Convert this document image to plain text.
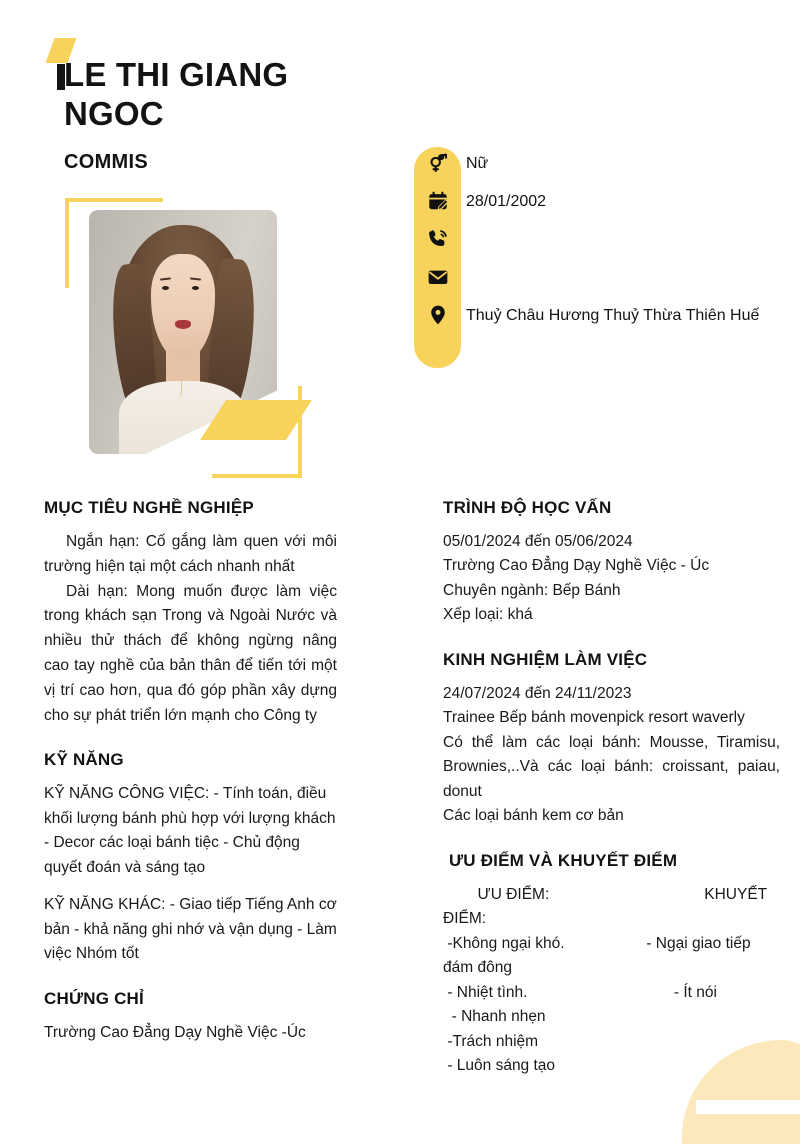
LE THI GIANG NGOC
COMMIS	Nữ
28/01/2002
Thuỷ Châu Hương Thuỷ Thừa Thiên Huế
MỤC TIÊU NGHỀ NGHIỆP

Ngắn hạn: Cố gắng làm quen với môi trường hiện tại một cách nhanh nhất

Dài hạn: Mong muốn được làm việc trong khách sạn Trong và Ngoài Nước và nhiều thử thách để không ngừng nâng cao tay nghề của bản thân để tiến tới một vị trí cao hơn, qua đó góp phần xây dựng cho sự phát triển lớn mạnh cho Công ty

KỸ NĂNG
KỸ NĂNG CÔNG VIỆC: - Tính toán, điều khối lượng bánh phù hợp với lượng khách - Decor các loại bánh tiệc - Chủ động quyết đoán và sáng tạo
KỸ NĂNG KHÁC: - Giao tiếp Tiếng Anh cơ bản - khả năng ghi nhớ và vận dụng - Làm việc Nhóm tốt
CHỨNG CHỈ
Trường Cao Đẳng Dạy Nghề Việc -Úc
TRÌNH ĐỘ HỌC VẤN
05/01/2024 đến 05/06/2024
Trường Cao Đẳng Dạy Nghề Việc - Úc
Chuyên ngành: Bếp Bánh
Xếp loại: khá
KINH NGHIỆM LÀM VIỆC
24/07/2024 đến 24/11/2023
Trainee Bếp bánh movenpick resort waverly
Có thể làm các loại bánh: Mousse, Tiramisu, Brownies,..Và các loại bánh: croissant, paiau, donut
Các loại bánh kem cơ bản
ƯU ĐIỂM VÀ KHUYẾT ĐIỂM
ƯU ĐIỂM:                                    KHUYẾT ĐIỂM:
-Không ngại khó.                   - Ngại giao tiếp đám đông
- Nhiệt tình.                                  - Ít nói
- Nhanh nhẹn
-Trách nhiệm
- Luôn sáng tạo
